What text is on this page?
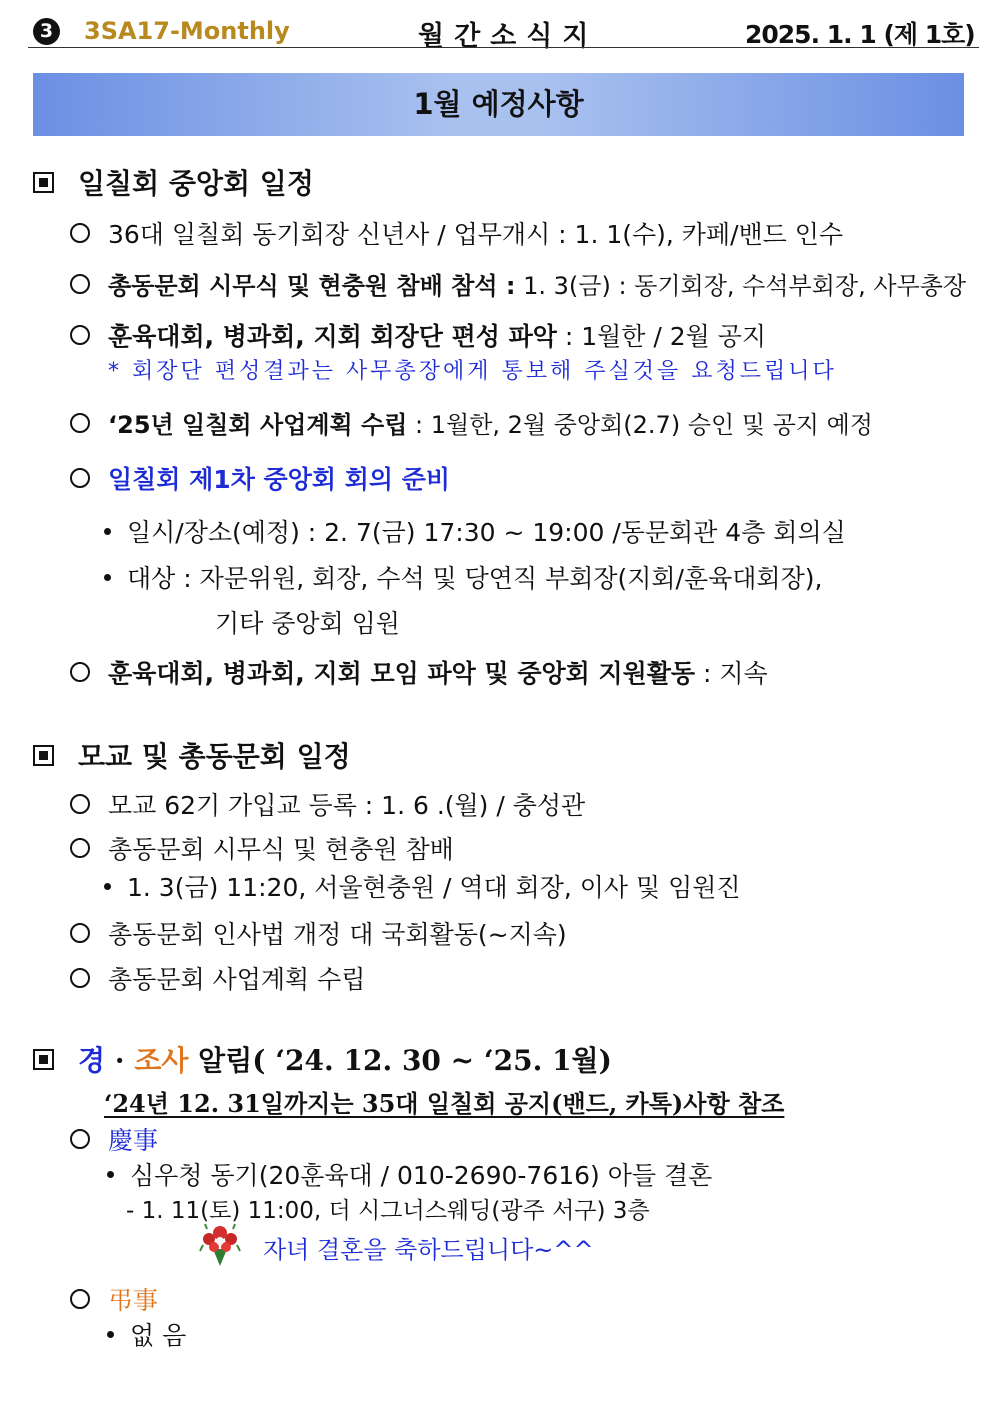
3 3SA17-Monthly	월간소식지	2025. 1. 1 (제 1호)
1월 예정사항
일칠회 중앙회 일정
36대 일칠회 동기회장 신년사 / 업무개시 : 1. 1(수), 카페/밴드 인수
총동문회 시무식 및 현충원 참배 참석 : 1. 3(금) : 동기회장, 수석부회장, 사무총장
훈육대회, 병과회, 지회 회장단 편성 파악 : 1월한 / 2월 공지
* 회장단 편성결과는 사무총장에게 통보해 주실것을 요청드립니다
‘25년 일칠회 사업계획 수립 : 1월한, 2월 중앙회(2.7) 승인 및 공지 예정
일칠회 제1차 중앙회 회의 준비
일시/장소(예정) : 2. 7(금) 17:30 ~ 19:00 /동문회관 4층 회의실
대상 : 자문위원, 회장, 수석 및 당연직 부회장(지회/훈육대회장),
기타 중앙회 임원
훈육대회, 병과회, 지회 모임 파악 및 중앙회 지원활동 : 지속
모교 및 총동문회 일정
모교 62기 가입교 등록 : 1. 6 .(월) / 충성관
총동문회 시무식 및 현충원 참배
1. 3(금) 11:20, 서울현충원 / 역대 회장, 이사 및 임원진
총동문회 인사법 개정 대 국회활동(~지속)
총동문회 사업계획 수립
경 · 조사 알림( ‘24. 12. 30 ~ ‘25. 1월)
‘24년 12. 31일까지는 35대 일칠회 공지(밴드, 카톡)사항 참조
慶事
심우청 동기(20훈육대 / 010-2690-7616) 아들 결혼
- 1. 11(토) 11:00, 더 시그너스웨딩(광주 서구) 3층
자녀 결혼을 축하드립니다~^^
弔事
없 음
